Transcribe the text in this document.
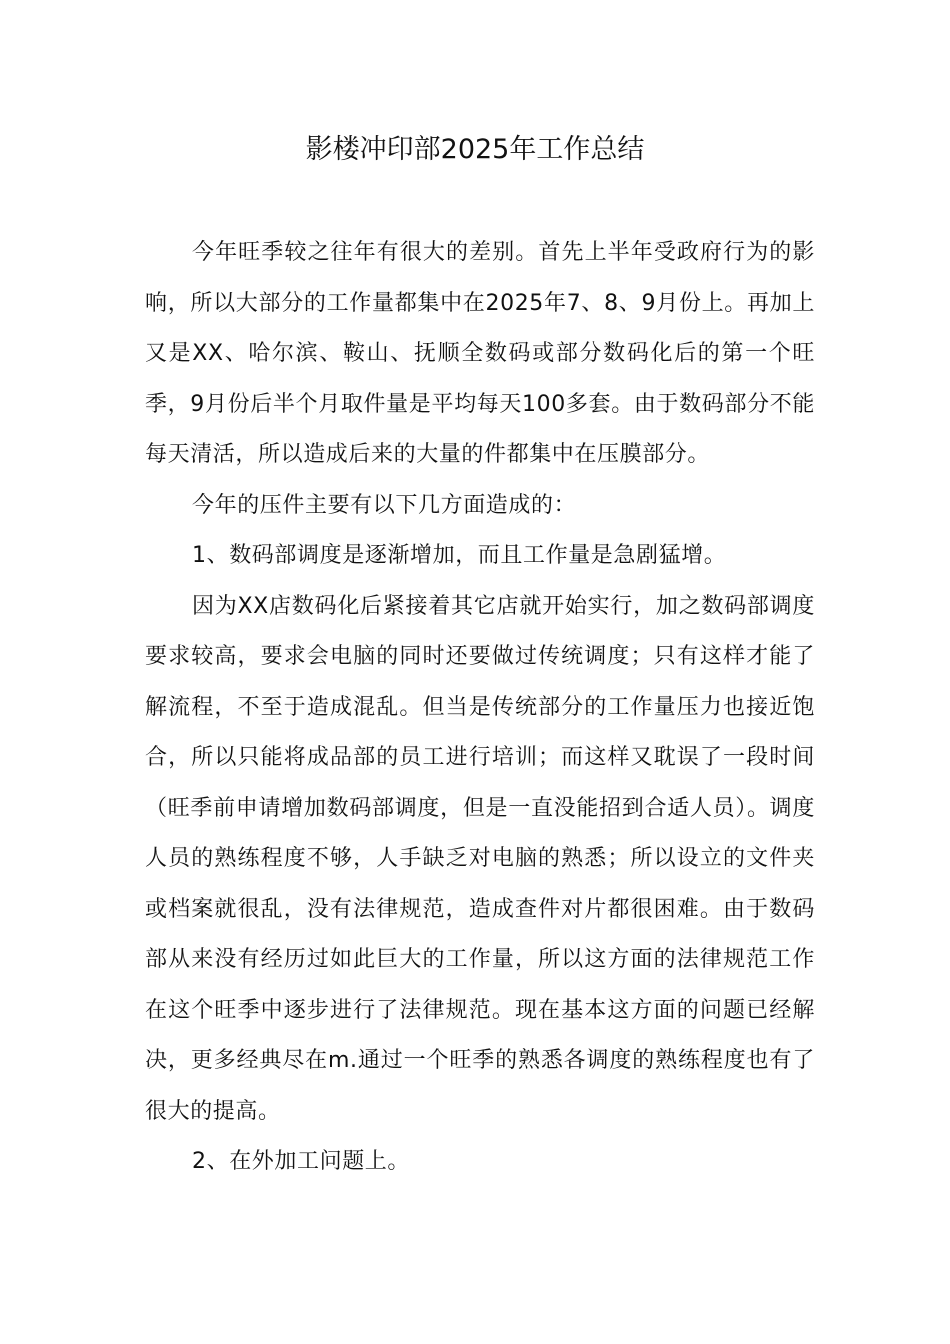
影楼冲印部2025年工作总结

今年旺季较之往年有很大的差别。首先上半年受政府行为的影响，所以大部分的工作量都集中在2025年7、8、9月份上。再加上又是XX、哈尔滨、鞍山、抚顺全数码或部分数码化后的第一个旺季，9月份后半个月取件量是平均每天100多套。由于数码部分不能每天清活，所以造成后来的大量的件都集中在压膜部分。

今年的压件主要有以下几方面造成的：

1、数码部调度是逐渐增加，而且工作量是急剧猛增。

因为XX店数码化后紧接着其它店就开始实行，加之数码部调度要求较高，要求会电脑的同时还要做过传统调度；只有这样才能了解流程，不至于造成混乱。但当是传统部分的工作量压力也接近饱合，所以只能将成品部的员工进行培训；而这样又耽误了一段时间（旺季前申请增加数码部调度，但是一直没能招到合适人员）。调度人员的熟练程度不够，人手缺乏对电脑的熟悉；所以设立的文件夹或档案就很乱，没有法律规范，造成查件对片都很困难。由于数码部从来没有经历过如此巨大的工作量，所以这方面的法律规范工作在这个旺季中逐步进行了法律规范。现在基本这方面的问题已经解决，更多经典尽在m.通过一个旺季的熟悉各调度的熟练程度也有了很大的提高。

2、在外加工问题上。
